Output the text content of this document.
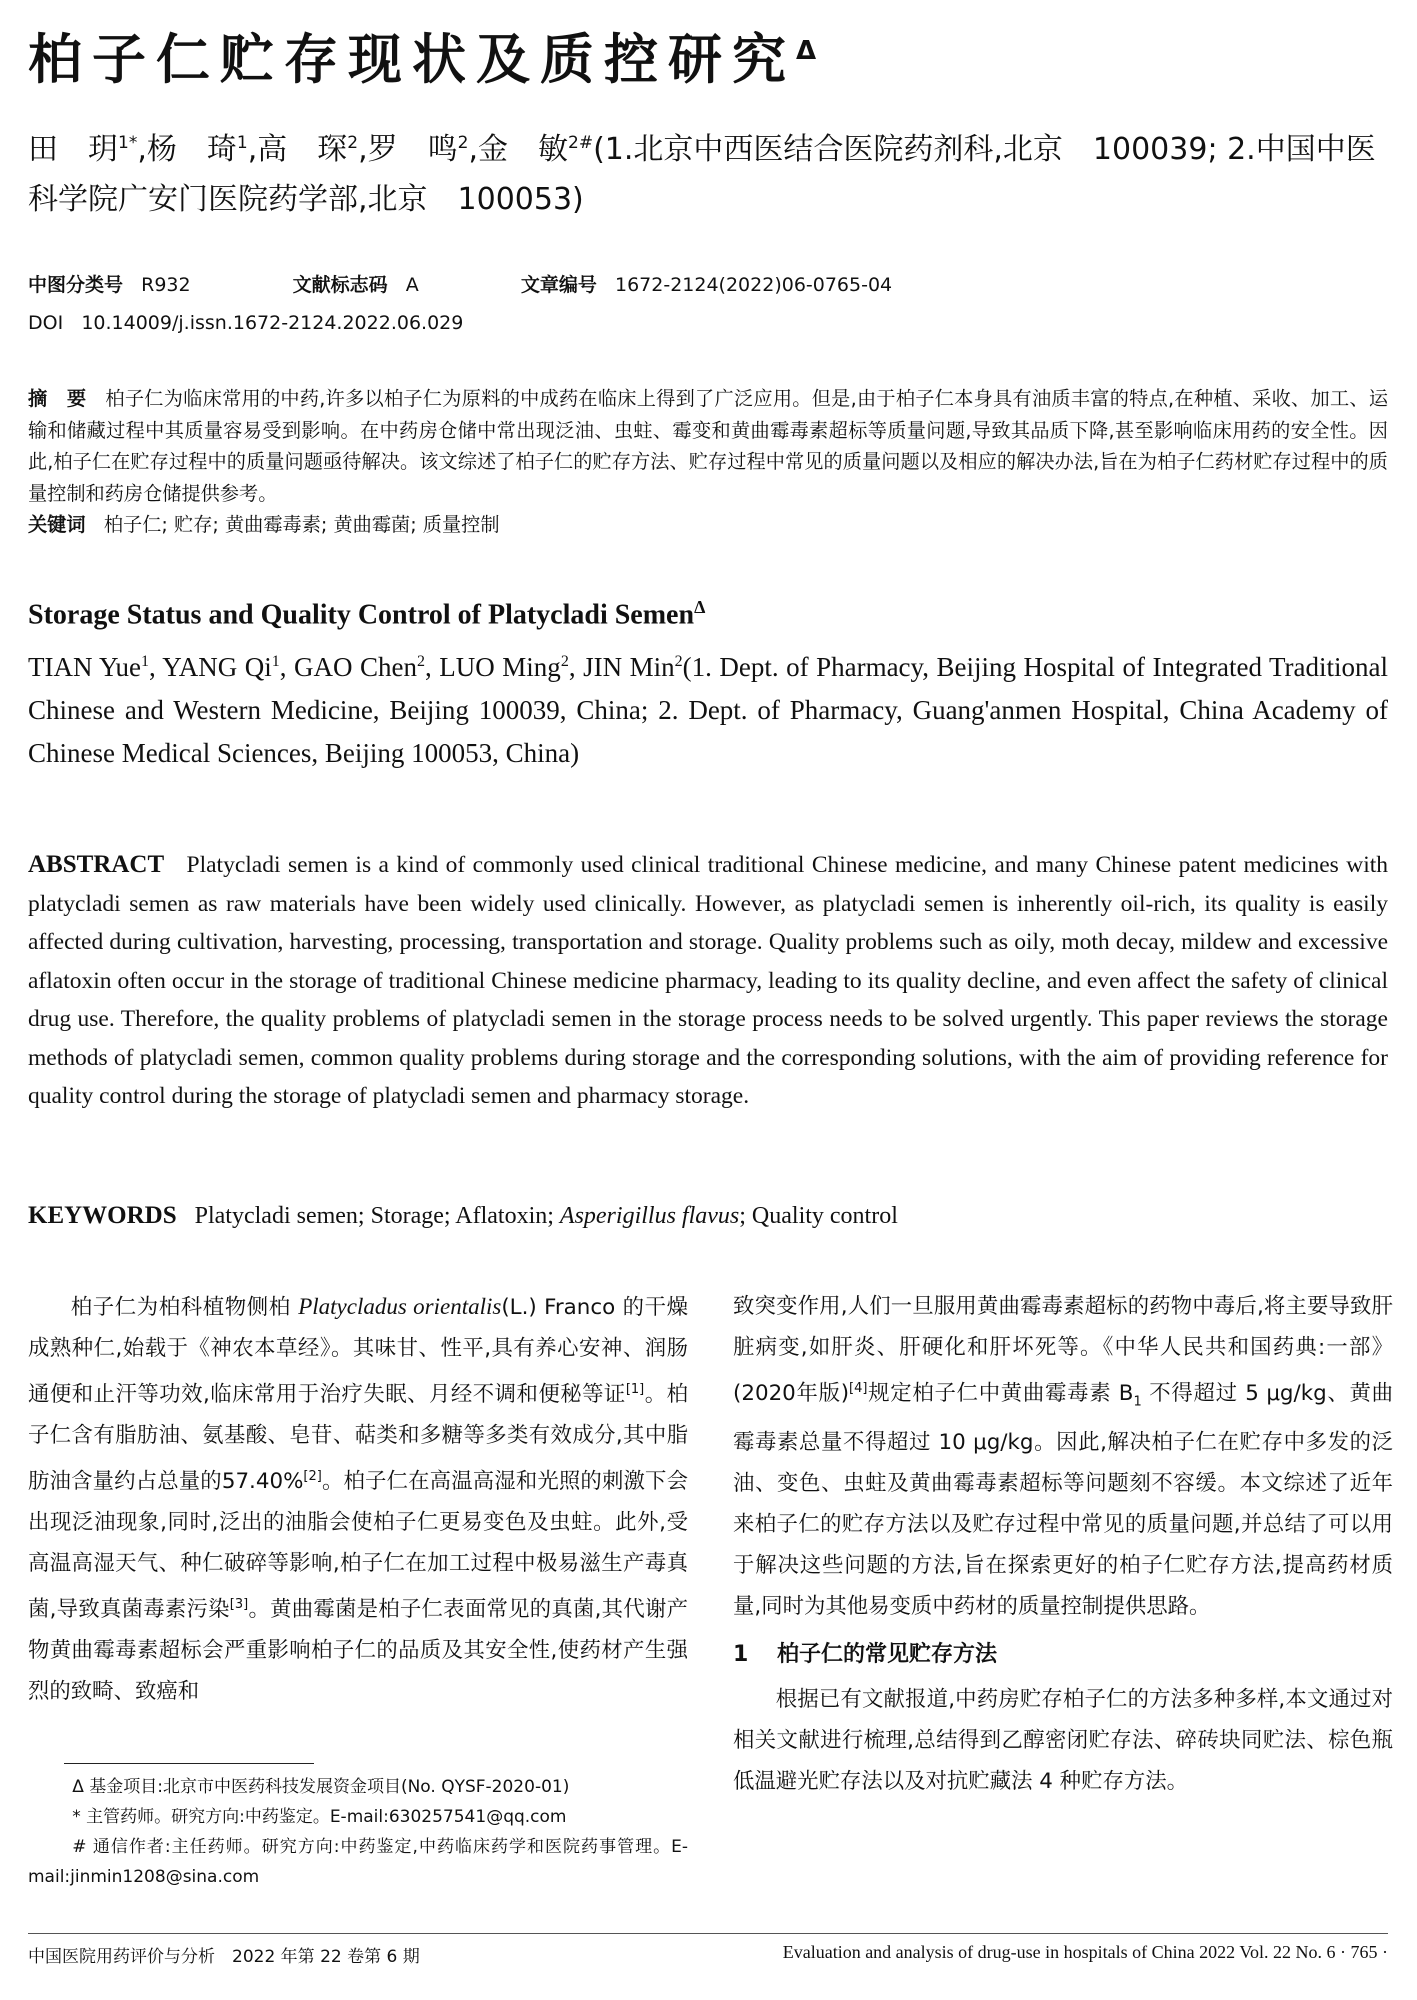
柏子仁贮存现状及质控研究$^\Delta$
田　玥$^{1*}$,杨　琦$^1$,高　琛$^2$,罗　鸣$^2$,金　敏$^{2\#}$(1.北京中西医结合医院药剂科,北京　100039; 2.中国中医科学院广安门医院药学部,北京　100053)
中图分类号 R932	文献标志码 A	文章编号 1672-2124(2022)06-0765-04
DOI 10.14009/j.issn.1672-2124.2022.06.029
摘　要 柏子仁为临床常用的中药,许多以柏子仁为原料的中成药在临床上得到了广泛应用。但是,由于柏子仁本身具有油质丰富的特点,在种植、采收、加工、运输和储藏过程中其质量容易受到影响。在中药房仓储中常出现泛油、虫蛀、霉变和黄曲霉毒素超标等质量问题,导致其品质下降,甚至影响临床用药的安全性。因此,柏子仁在贮存过程中的质量问题亟待解决。该文综述了柏子仁的贮存方法、贮存过程中常见的质量问题以及相应的解决办法,旨在为柏子仁药材贮存过程中的质量控制和药房仓储提供参考。
关键词 柏子仁; 贮存; 黄曲霉毒素; 黄曲霉菌; 质量控制
Storage Status and Quality Control of Platycladi Semen$^\Delta$
TIAN Yue$^1$, YANG Qi$^1$, GAO Chen$^2$, LUO Ming$^2$, JIN Min$^2$(1. Dept. of Pharmacy, Beijing Hospital of Integrated Traditional Chinese and Western Medicine, Beijing 100039, China; 2. Dept. of Pharmacy, Guang'anmen Hospital, China Academy of Chinese Medical Sciences, Beijing 100053, China)
ABSTRACT Platycladi semen is a kind of commonly used clinical traditional Chinese medicine, and many Chinese patent medicines with platycladi semen as raw materials have been widely used clinically. However, as platycladi semen is inherently oil-rich, its quality is easily affected during cultivation, harvesting, processing, transportation and storage. Quality problems such as oily, moth decay, mildew and excessive aflatoxin often occur in the storage of traditional Chinese medicine pharmacy, leading to its quality decline, and even affect the safety of clinical drug use. Therefore, the quality problems of platycladi semen in the storage process needs to be solved urgently. This paper reviews the storage methods of platycladi semen, common quality problems during storage and the corresponding solutions, with the aim of providing reference for quality control during the storage of platycladi semen and pharmacy storage.
KEYWORDS Platycladi semen; Storage; Aflatoxin; Asperigillus flavus; Quality control

柏子仁为柏科植物侧柏 Platycladus orientalis(L.) Franco 的干燥成熟种仁,始载于《神农本草经》。其味甘、性平,具有养心安神、润肠通便和止汗等功效,临床常用于治疗失眠、月经不调和便秘等证[1]。柏子仁含有脂肪油、氨基酸、皂苷、萜类和多糖等多类有效成分,其中脂肪油含量约占总量的57.40%[2]。柏子仁在高温高湿和光照的刺激下会出现泛油现象,同时,泛出的油脂会使柏子仁更易变色及虫蛀。此外,受高温高湿天气、种仁破碎等影响,柏子仁在加工过程中极易滋生产毒真菌,导致真菌毒素污染[3]。黄曲霉菌是柏子仁表面常见的真菌,其代谢产物黄曲霉毒素超标会严重影响柏子仁的品质及其安全性,使药材产生强烈的致畸、致癌和

致突变作用,人们一旦服用黄曲霉毒素超标的药物中毒后,将主要导致肝脏病变,如肝炎、肝硬化和肝坏死等。《中华人民共和国药典:一部》(2020年版)[4]规定柏子仁中黄曲霉毒素 $B_1$ 不得超过 5 μg/kg、黄曲霉毒素总量不得超过 10 μg/kg。因此,解决柏子仁在贮存中多发的泛油、变色、虫蛀及黄曲霉毒素超标等问题刻不容缓。本文综述了近年来柏子仁的贮存方法以及贮存过程中常见的质量问题,并总结了可以用于解决这些问题的方法,旨在探索更好的柏子仁贮存方法,提高药材质量,同时为其他易变质中药材的质量控制提供思路。

1 柏子仁的常见贮存方法

根据已有文献报道,中药房贮存柏子仁的方法多种多样,本文通过对相关文献进行梳理,总结得到乙醇密闭贮存法、碎砖块同贮法、棕色瓶低温避光贮存法以及对抗贮藏法 4 种贮存方法。

Δ 基金项目:北京市中医药科技发展资金项目(No. QYSF-2020-01)

* 主管药师。研究方向:中药鉴定。E-mail:630257541@qq.com

# 通信作者:主任药师。研究方向:中药鉴定,中药临床药学和医院药事管理。E-mail:jinmin1208@sina.com

中国医院用药评价与分析　2022 年第 22 卷第 6 期	Evaluation and analysis of drug-use in hospitals of China 2022 Vol. 22 No. 6 · 765 ·
